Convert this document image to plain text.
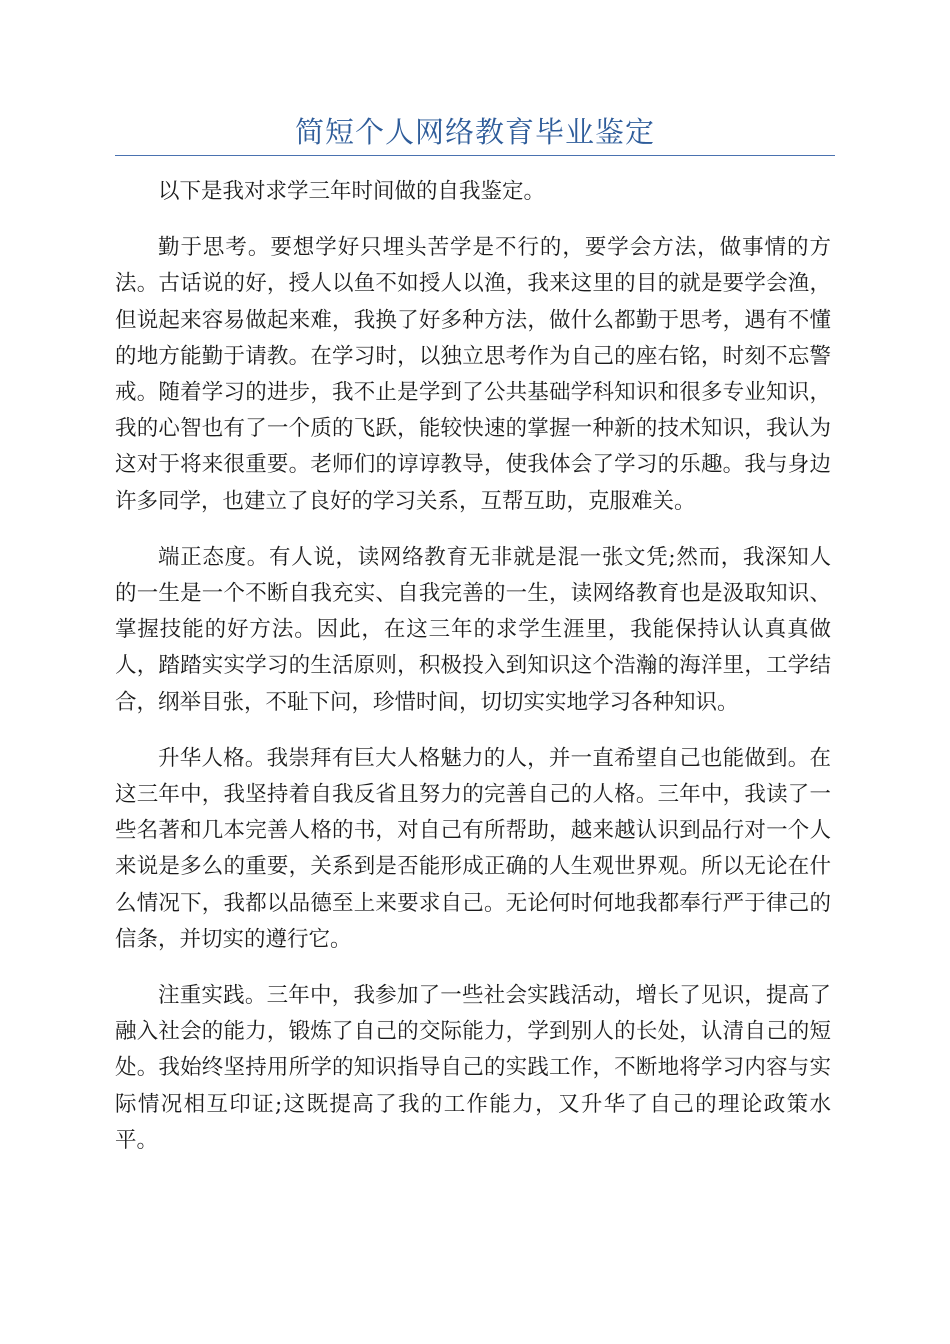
简短个人网络教育毕业鉴定

以下是我对求学三年时间做的自我鉴定。

勤于思考。要想学好只埋头苦学是不行的，要学会方法，做事情的方法。古话说的好，授人以鱼不如授人以渔，我来这里的目的就是要学会渔，但说起来容易做起来难，我换了好多种方法，做什么都勤于思考，遇有不懂的地方能勤于请教。在学习时，以独立思考作为自己的座右铭，时刻不忘警戒。随着学习的进步，我不止是学到了公共基础学科知识和很多专业知识，我的心智也有了一个质的飞跃，能较快速的掌握一种新的技术知识，我认为这对于将来很重要。老师们的谆谆教导，使我体会了学习的乐趣。我与身边许多同学，也建立了良好的学习关系，互帮互助，克服难关。

端正态度。有人说，读网络教育无非就是混一张文凭;然而，我深知人的一生是一个不断自我充实、自我完善的一生，读网络教育也是汲取知识、掌握技能的好方法。因此，在这三年的求学生涯里，我能保持认认真真做人，踏踏实实学习的生活原则，积极投入到知识这个浩瀚的海洋里，工学结合，纲举目张，不耻下问，珍惜时间，切切实实地学习各种知识。

升华人格。我崇拜有巨大人格魅力的人，并一直希望自己也能做到。在这三年中，我坚持着自我反省且努力的完善自己的人格。三年中，我读了一些名著和几本完善人格的书，对自己有所帮助，越来越认识到品行对一个人来说是多么的重要，关系到是否能形成正确的人生观世界观。所以无论在什么情况下，我都以品德至上来要求自己。无论何时何地我都奉行严于律己的信条，并切实的遵行它。

注重实践。三年中，我参加了一些社会实践活动，增长了见识，提高了融入社会的能力，锻炼了自己的交际能力，学到别人的长处，认清自己的短处。我始终坚持用所学的知识指导自己的实践工作，不断地将学习内容与实际情况相互印证;这既提高了我的工作能力，又升华了自己的理论政策水平。
